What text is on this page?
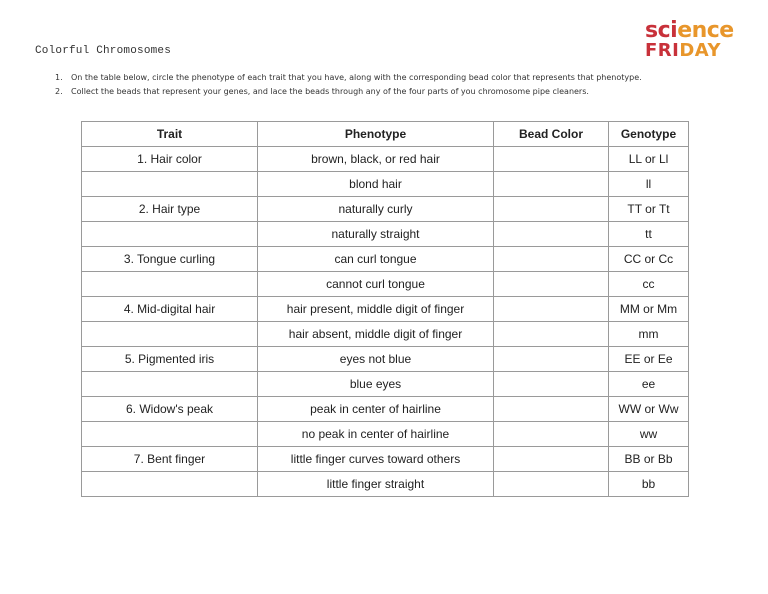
Colorful Chromosomes
science
FRIDAY
1. On the table below, circle the phenotype of each trait that you have, along with the corresponding bead color that represents that phenotype.
2. Collect the beads that represent your genes, and lace the beads through any of the four parts of you chromosome pipe cleaners.
Trait	Phenotype	Bead Color	Genotype
1. Hair color	brown, black, or red hair		LL or Ll
	blond hair		ll
2. Hair type	naturally curly		TT or Tt
	naturally straight		tt
3. Tongue curling	can curl tongue		CC or Cc
	cannot curl tongue		cc
4. Mid-digital hair	hair present, middle digit of finger		MM or Mm
	hair absent, middle digit of finger		mm
5. Pigmented iris	eyes not blue		EE or Ee
	blue eyes		ee
6. Widow's peak	peak in center of hairline		WW or Ww
	no peak in center of hairline		ww
7. Bent finger	little finger curves toward others		BB or Bb
	little finger straight		bb
